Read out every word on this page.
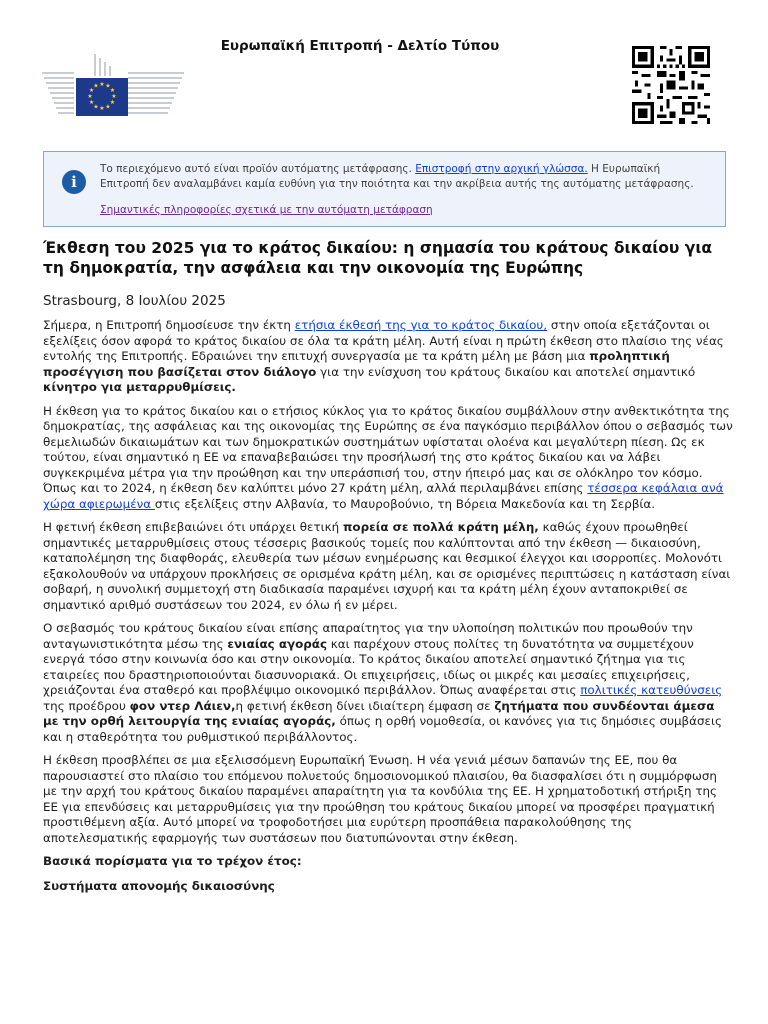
Ευρωπαϊκή Επιτροπή - Δελτίο Τύπου
★ ★
★
★
★
★
★
★
★
★
★
★
i
Το περιεχόμενο αυτό είναι προϊόν αυτόματης μετάφρασης. Επιστροφή στην αρχική γλώσσα. Η Ευρωπαϊκή Επιτροπή δεν αναλαμβάνει καμία ευθύνη για την ποιότητα και την ακρίβεια αυτής της αυτόματης μετάφρασης.
Σημαντικές πληροφορίες σχετικά με την αυτόματη μετάφραση
Έκθεση του 2025 για το κράτος δικαίου: η σημασία του κράτους δικαίου για τη δημοκρατία, την ασφάλεια και την οικονομία της Ευρώπης
Strasbourg, 8 Ιουλίου 2025

Σήμερα, η Επιτροπή δημοσίευσε την έκτη ετήσια έκθεσή της για το κράτος δικαίου, στην οποία εξετάζονται οι εξελίξεις όσον αφορά το κράτος δικαίου σε όλα τα κράτη μέλη. Αυτή είναι η πρώτη έκθεση στο πλαίσιο της νέας εντολής της Επιτροπής. Εδραιώνει την επιτυχή συνεργασία με τα κράτη μέλη με βάση μια προληπτική προσέγγιση που βασίζεται στον διάλογο για την ενίσχυση του κράτους δικαίου και αποτελεί σημαντικό κίνητρο για μεταρρυθμίσεις.

Η έκθεση για το κράτος δικαίου και ο ετήσιος κύκλος για το κράτος δικαίου συμβάλλουν στην ανθεκτικότητα της δημοκρατίας, της ασφάλειας και της οικονομίας της Ευρώπης σε ένα παγκόσμιο περιβάλλον όπου ο σεβασμός των θεμελιωδών δικαιωμάτων και των δημοκρατικών συστημάτων υφίσταται ολοένα και μεγαλύτερη πίεση. Ως εκ τούτου, είναι σημαντικό η ΕΕ να επαναβεβαιώσει την προσήλωσή της στο κράτος δικαίου και να λάβει συγκεκριμένα μέτρα για την προώθηση και την υπεράσπισή του, στην ήπειρό μας και σε ολόκληρο τον κόσμο. Όπως και το 2024, η έκθεση δεν καλύπτει μόνο 27 κράτη μέλη, αλλά περιλαμβάνει επίσης τέσσερα κεφάλαια ανά χώρα αφιερωμένα στις εξελίξεις στην Αλβανία, το Μαυροβούνιο, τη Βόρεια Μακεδονία και τη Σερβία.

Η φετινή έκθεση επιβεβαιώνει ότι υπάρχει θετική πορεία σε πολλά κράτη μέλη, καθώς έχουν προωθηθεί σημαντικές μεταρρυθμίσεις στους τέσσερις βασικούς τομείς που καλύπτονται από την έκθεση — δικαιοσύνη, καταπολέμηση της διαφθοράς, ελευθερία των μέσων ενημέρωσης και θεσμικοί έλεγχοι και ισορροπίες. Μολονότι εξακολουθούν να υπάρχουν προκλήσεις σε ορισμένα κράτη μέλη, και σε ορισμένες περιπτώσεις η κατάσταση είναι σοβαρή, η συνολική συμμετοχή στη διαδικασία παραμένει ισχυρή και τα κράτη μέλη έχουν ανταποκριθεί σε σημαντικό αριθμό συστάσεων του 2024, εν όλω ή εν μέρει.

Ο σεβασμός του κράτους δικαίου είναι επίσης απαραίτητος για την υλοποίηση πολιτικών που προωθούν την ανταγωνιστικότητα μέσω της ενιαίας αγοράς και παρέχουν στους πολίτες τη δυνατότητα να συμμετέχουν ενεργά τόσο στην κοινωνία όσο και στην οικονομία. Το κράτος δικαίου αποτελεί σημαντικό ζήτημα για τις εταιρείες που δραστηριοποιούνται διασυνοριακά. Οι επιχειρήσεις, ιδίως οι μικρές και μεσαίες επιχειρήσεις, χρειάζονται ένα σταθερό και προβλέψιμο οικονομικό περιβάλλον. Όπως αναφέρεται στις πολιτικές κατευθύνσεις της προέδρου φον ντερ Λάιεν,η φετινή έκθεση δίνει ιδιαίτερη έμφαση σε ζητήματα που συνδέονται άμεσα με την ορθή λειτουργία της ενιαίας αγοράς, όπως η ορθή νομοθεσία, οι κανόνες για τις δημόσιες συμβάσεις και η σταθερότητα του ρυθμιστικού περιβάλλοντος.

Η έκθεση προσβλέπει σε μια εξελισσόμενη Ευρωπαϊκή Ένωση. Η νέα γενιά μέσων δαπανών της ΕΕ, που θα παρουσιαστεί στο πλαίσιο του επόμενου πολυετούς δημοσιονομικού πλαισίου, θα διασφαλίσει ότι η συμμόρφωση με την αρχή του κράτους δικαίου παραμένει απαραίτητη για τα κονδύλια της ΕΕ. Η χρηματοδοτική στήριξη της ΕΕ για επενδύσεις και μεταρρυθμίσεις για την προώθηση του κράτους δικαίου μπορεί να προσφέρει πραγματική προστιθέμενη αξία. Αυτό μπορεί να τροφοδοτήσει μια ευρύτερη προσπάθεια παρακολούθησης της αποτελεσματικής εφαρμογής των συστάσεων που διατυπώνονται στην έκθεση.

Βασικά πορίσματα για το τρέχον έτος:

Συστήματα απονομής δικαιοσύνης
